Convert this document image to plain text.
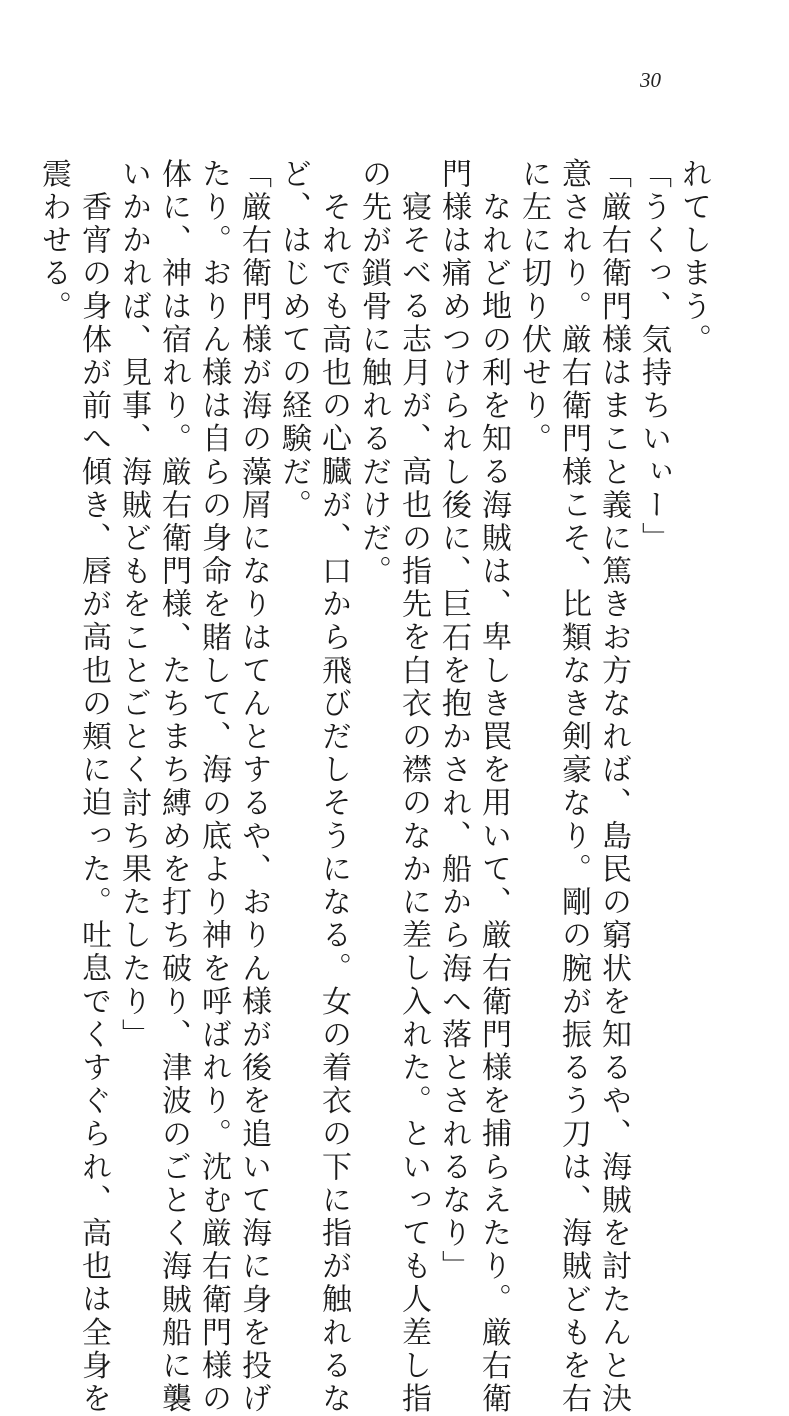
30
れてしまう。
「うくっ、気持ちいぃー」
「厳右衛門様はまこと義に篤きお方なれば、島民の窮状を知るや、海賊を討たんと決
意されり。厳右衛門様こそ、比類なき剣豪なり。剛の腕が振るう刀は、海賊どもを右
に左に切り伏せり。
なれど地の利を知る海賊は、卑しき罠を用いて、厳右衛門様を捕らえたり。厳右衛
門様は痛めつけられし後に、巨石を抱かされ、船から海へ落とされるなり」
寝そべる志月が、高也の指先を白衣の襟のなかに差し入れた。といっても人差し指
の先が鎖骨に触れるだけだ。
それでも高也の心臓が、口から飛びだしそうになる。女の着衣の下に指が触れるな
ど、はじめての経験だ。
「厳右衛門様が海の藻屑になりはてんとするや、おりん様が後を追いて海に身を投げ
たり。おりん様は自らの身命を賭して、海の底より神を呼ばれり。沈む厳右衛門様の
体に、神は宿れり。厳右衛門様、たちまち縛めを打ち破り、津波のごとく海賊船に襲
いかかれば、見事、海賊どもをことごとく討ち果たしたり」
香宵の身体が前へ傾き、唇が高也の頬に迫った。吐息でくすぐられ、高也は全身を
震わせる。
